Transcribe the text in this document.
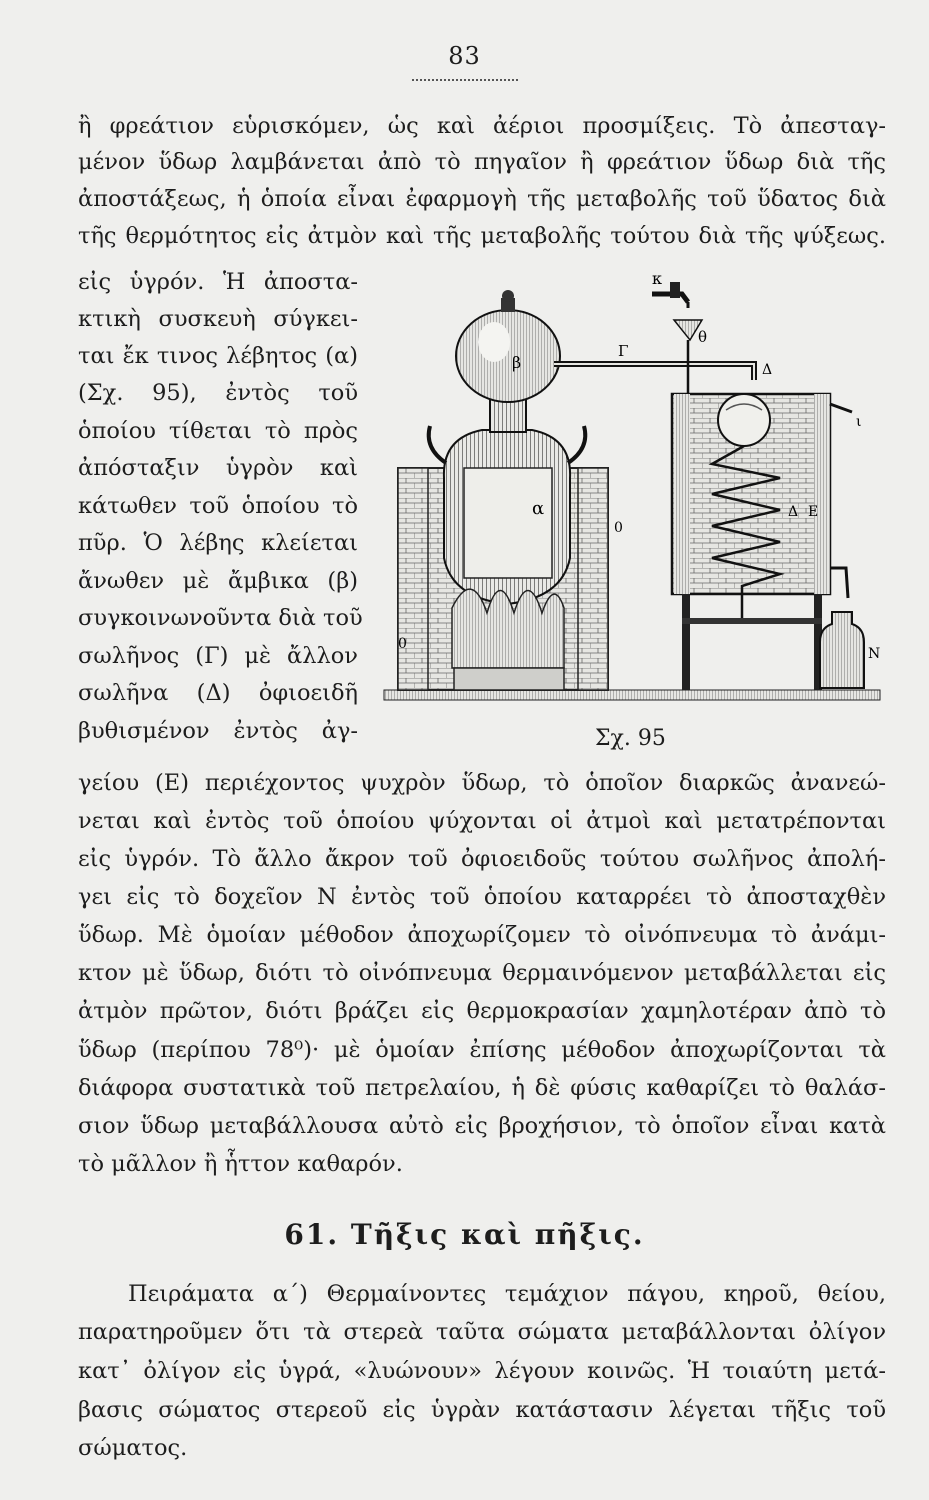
83
ἢ φρεάτιον εὑρισκόμεν, ὡς καὶ ἀέριοι προσμίξεις. Τὸ ἀπεσταγ-
μένον ὕδωρ λαμβάνεται ἀπὸ τὸ πηγαῖον ἢ φρεάτιον ὕδωρ διὰ τῆς
ἀποστάξεως, ἡ ὁποία εἶναι ἐφαρμογὴ τῆς μεταβολῆς τοῦ ὕδατος διὰ
τῆς θερμότητος εἰς ἀτμὸν καὶ τῆς μεταβολῆς τούτου διὰ τῆς ψύξεως.
εἰς ὑγρόν. Ἡ ἀποστα-
κτικὴ συσκευὴ σύγκει-
ται ἔκ τινος λέβητος (α)
(Σχ. 95), ἐντὸς τοῦ
ὁποίου τίθεται τὸ πρὸς
ἀπόσταξιν ὑγρὸν καὶ
κάτωθεν τοῦ ὁποίου τὸ
πῦρ. Ὁ λέβης κλείεται
ἄνωθεν μὲ ἄμβικα (β)
συγκοινωνοῦντα διὰ τοῦ
σωλῆνος (Γ) μὲ ἄλλον
σωλῆνα (Δ) ὀφιοειδῆ
βυθισμένον ἐντὸς ἀγ-
κ
β
Γ
θ
Δ
ι
α	Δ Ε
0
0
Ν
Σχ. 95
γείου (Ε) περιέχοντος ψυχρὸν ὕδωρ, τὸ ὁποῖον διαρκῶς ἀνανεώ-
νεται καὶ ἐντὸς τοῦ ὁποίου ψύχονται οἱ ἀτμοὶ καὶ μετατρέπονται
εἰς ὑγρόν. Τὸ ἄλλο ἄκρον τοῦ ὀφιοειδοῦς τούτου σωλῆνος ἀπολή-
γει εἰς τὸ δοχεῖον Ν ἐντὸς τοῦ ὁποίου καταρρέει τὸ ἀποσταχθὲν
ὕδωρ. Μὲ ὁμοίαν μέθοδον ἀποχωρίζομεν τὸ οἰνόπνευμα τὸ ἀνάμι-
κτον μὲ ὕδωρ, διότι τὸ οἰνόπνευμα θερμαινόμενον μεταβάλλεται εἰς
ἀτμὸν πρῶτον, διότι βράζει εἰς θερμοκρασίαν χαμηλοτέραν ἀπὸ τὸ
ὕδωρ (περίπου 78⁰)· μὲ ὁμοίαν ἐπίσης μέθοδον ἀποχωρίζονται τὰ
διάφορα συστατικὰ τοῦ πετρελαίου, ἡ δὲ φύσις καθαρίζει τὸ θαλάσ-
σιον ὕδωρ μεταβάλλουσα αὐτὸ εἰς βροχήσιον, τὸ ὁποῖον εἶναι κατὰ
τὸ μᾶλλον ἢ ἧττον καθαρόν.
61. Τῆξις καὶ πῆξις.
Πειράματα α΄) Θερμαίνοντες τεμάχιον πάγου, κηροῦ, θείου,
παρατηροῦμεν ὅτι τὰ στερεὰ ταῦτα σώματα μεταβάλλονται ὀλίγον
κατ᾽ ὀλίγον εἰς ὑγρά, «λυώνουν» λέγουν κοινῶς. Ἡ τοιαύτη μετά-
βασις σώματος στερεοῦ εἰς ὑγρὰν κατάστασιν λέγεται τῆξις τοῦ
σώματος.
